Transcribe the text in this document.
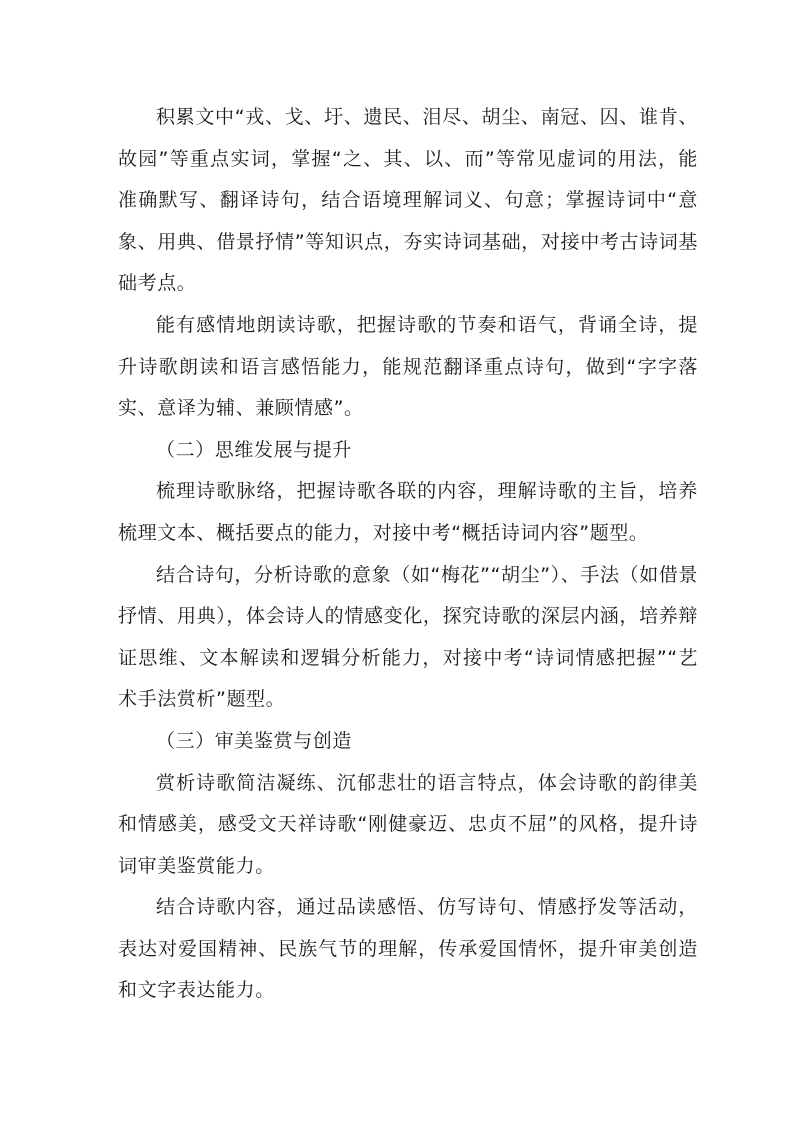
积累文中“戎、戈、圩、遗民、泪尽、胡尘、南冠、囚、谁肯、故园”等重点实词，掌握“之、其、以、而”等常见虚词的用法，能准确默写、翻译诗句，结合语境理解词义、句意；掌握诗词中“意象、用典、借景抒情”等知识点，夯实诗词基础，对接中考古诗词基础考点。

能有感情地朗读诗歌，把握诗歌的节奏和语气，背诵全诗，提升诗歌朗读和语言感悟能力，能规范翻译重点诗句，做到“字字落实、意译为辅、兼顾情感”。

（二）思维发展与提升

梳理诗歌脉络，把握诗歌各联的内容，理解诗歌的主旨，培养梳理文本、概括要点的能力，对接中考“概括诗词内容”题型。

结合诗句，分析诗歌的意象（如“梅花”“胡尘”）、手法（如借景抒情、用典），体会诗人的情感变化，探究诗歌的深层内涵，培养辩证思维、文本解读和逻辑分析能力，对接中考“诗词情感把握”“艺术手法赏析”题型。

（三）审美鉴赏与创造

赏析诗歌简洁凝练、沉郁悲壮的语言特点，体会诗歌的韵律美和情感美，感受文天祥诗歌“刚健豪迈、忠贞不屈”的风格，提升诗词审美鉴赏能力。

结合诗歌内容，通过品读感悟、仿写诗句、情感抒发等活动，表达对爱国精神、民族气节的理解，传承爱国情怀，提升审美创造和文字表达能力。
